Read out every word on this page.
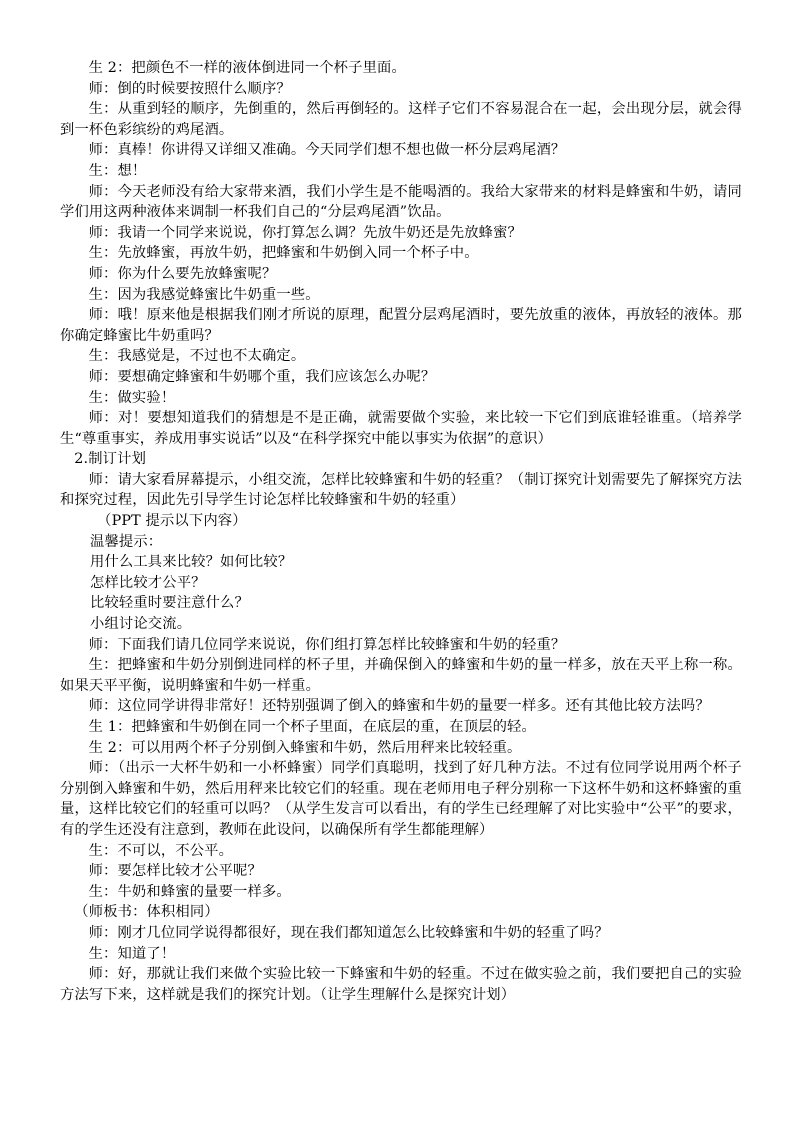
生 2：把颜色不一样的液体倒进同一个杯子里面。

师：倒的时候要按照什么顺序？

生：从重到轻的顺序，先倒重的，然后再倒轻的。这样子它们不容易混合在一起，会出现分层，就会得到一杯色彩缤纷的鸡尾酒。

师：真棒！你讲得又详细又准确。今天同学们想不想也做一杯分层鸡尾酒？

生：想！

师：今天老师没有给大家带来酒，我们小学生是不能喝酒的。我给大家带来的材料是蜂蜜和牛奶，请同学们用这两种液体来调制一杯我们自己的“分层鸡尾酒”饮品。

师：我请一个同学来说说，你打算怎么调？先放牛奶还是先放蜂蜜？

生：先放蜂蜜，再放牛奶，把蜂蜜和牛奶倒入同一个杯子中。

师：你为什么要先放蜂蜜呢？

生：因为我感觉蜂蜜比牛奶重一些。

师：哦！原来他是根据我们刚才所说的原理，配置分层鸡尾酒时，要先放重的液体，再放轻的液体。那你确定蜂蜜比牛奶重吗？

生：我感觉是，不过也不太确定。

师：要想确定蜂蜜和牛奶哪个重，我们应该怎么办呢？

生：做实验！

师：对！要想知道我们的猜想是不是正确，就需要做个实验，来比较一下它们到底谁轻谁重。（培养学生“尊重事实，养成用事实说话”以及“在科学探究中能以事实为依据”的意识）

2.制订计划

师：请大家看屏幕提示，小组交流，怎样比较蜂蜜和牛奶的轻重？（制订探究计划需要先了解探究方法和探究过程，因此先引导学生讨论怎样比较蜂蜜和牛奶的轻重）

（PPT 提示以下内容）

温馨提示：

用什么工具来比较？如何比较？

怎样比较才公平？

比较轻重时要注意什么？

小组讨论交流。

师：下面我们请几位同学来说说，你们组打算怎样比较蜂蜜和牛奶的轻重？

生：把蜂蜜和牛奶分别倒进同样的杯子里，并确保倒入的蜂蜜和牛奶的量一样多，放在天平上称一称。如果天平平衡，说明蜂蜜和牛奶一样重。

师：这位同学讲得非常好！还特别强调了倒入的蜂蜜和牛奶的量要一样多。还有其他比较方法吗？

生 1：把蜂蜜和牛奶倒在同一个杯子里面，在底层的重，在顶层的轻。

生 2：可以用两个杯子分别倒入蜂蜜和牛奶，然后用秤来比较轻重。

师：（出示一大杯牛奶和一小杯蜂蜜）同学们真聪明，找到了好几种方法。不过有位同学说用两个杯子分别倒入蜂蜜和牛奶，然后用秤来比较它们的轻重。现在老师用电子秤分别称一下这杯牛奶和这杯蜂蜜的重量，这样比较它们的轻重可以吗？（从学生发言可以看出，有的学生已经理解了对比实验中“公平”的要求，有的学生还没有注意到，教师在此设问，以确保所有学生都能理解）

生：不可以，不公平。

师：要怎样比较才公平呢？

生：牛奶和蜂蜜的量要一样多。

（师板书：体积相同）

师：刚才几位同学说得都很好，现在我们都知道怎么比较蜂蜜和牛奶的轻重了吗？

生：知道了！

师：好，那就让我们来做个实验比较一下蜂蜜和牛奶的轻重。不过在做实验之前，我们要把自己的实验方法写下来，这样就是我们的探究计划。（让学生理解什么是探究计划）
